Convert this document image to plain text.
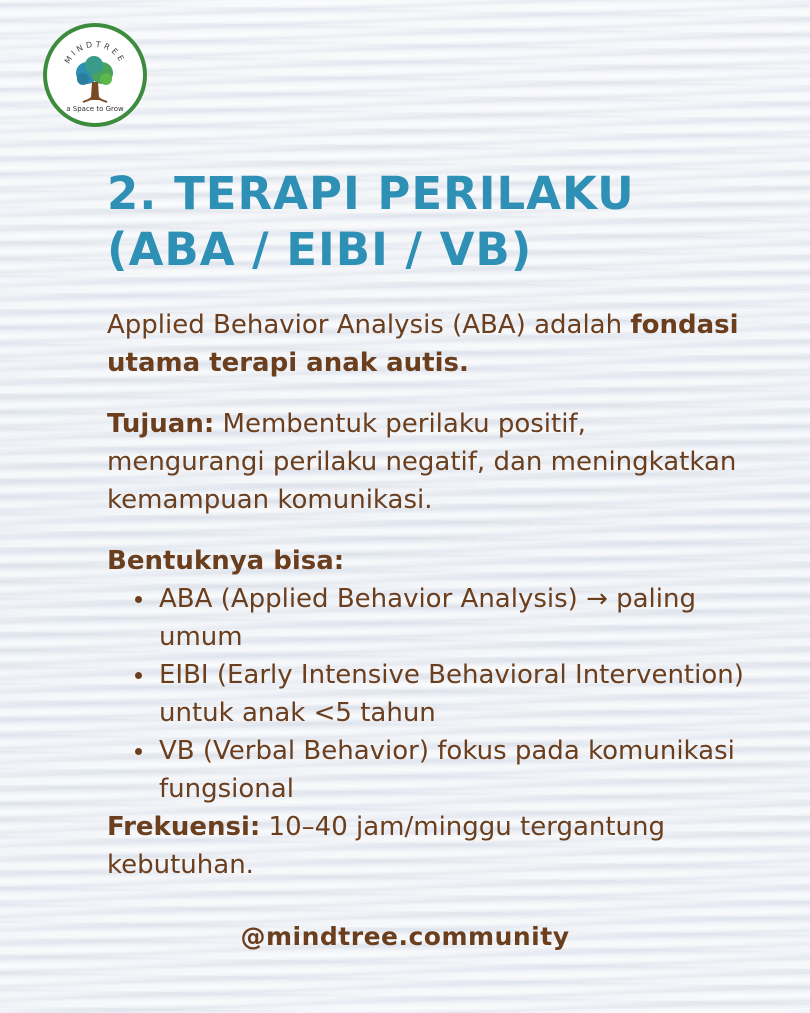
MINDTREE
a Space to Grow
2. TERAPI PERILAKU
(ABA / EIBI / VB)

Applied Behavior Analysis (ABA) adalah fondasi utama terapi anak autis.

Tujuan: Membentuk perilaku positif, mengurangi perilaku negatif, dan meningkatkan kemampuan komunikasi.

Bentuknya bisa:

ABA (Applied Behavior Analysis) → paling umum
EIBI (Early Intensive Behavioral Intervention) untuk anak <5 tahun
VB (Verbal Behavior) fokus pada komunikasi fungsional

Frekuensi: 10–40 jam/minggu tergantung kebutuhan.

@mindtree.community
